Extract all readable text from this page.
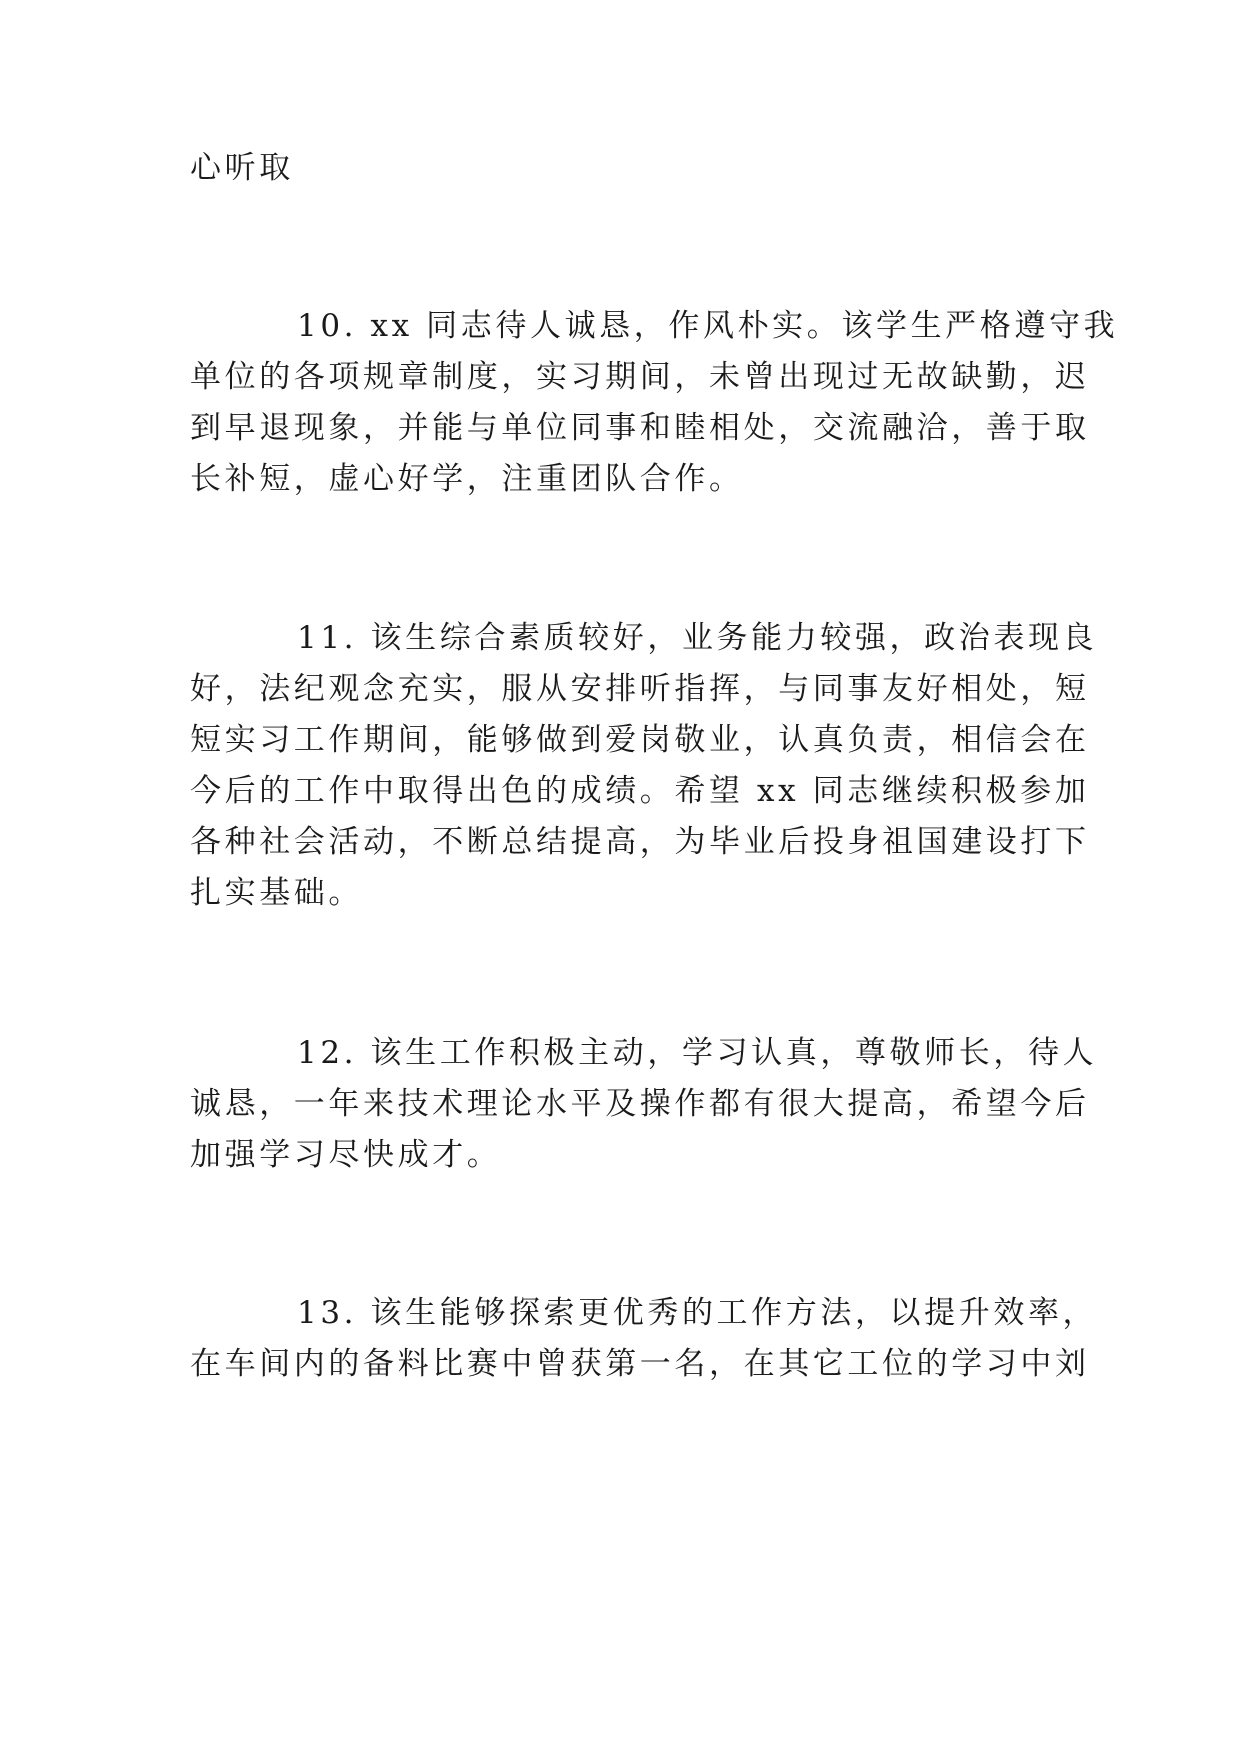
心听取
10. xx 同志待人诚恳，作风朴实。该学生严格遵守我
单位的各项规章制度，实习期间，未曾出现过无故缺勤，迟
到早退现象，并能与单位同事和睦相处，交流融洽，善于取
长补短，虚心好学，注重团队合作。
11. 该生综合素质较好，业务能力较强，政治表现良
好，法纪观念充实，服从安排听指挥，与同事友好相处，短
短实习工作期间，能够做到爱岗敬业，认真负责，相信会在
今后的工作中取得出色的成绩。希望 xx 同志继续积极参加
各种社会活动，不断总结提高，为毕业后投身祖国建设打下
扎实基础。
12. 该生工作积极主动，学习认真，尊敬师长，待人
诚恳，一年来技术理论水平及操作都有很大提高，希望今后
加强学习尽快成才。
13. 该生能够探索更优秀的工作方法，以提升效率，
在车间内的备料比赛中曾获第一名，在其它工位的学习中刘
